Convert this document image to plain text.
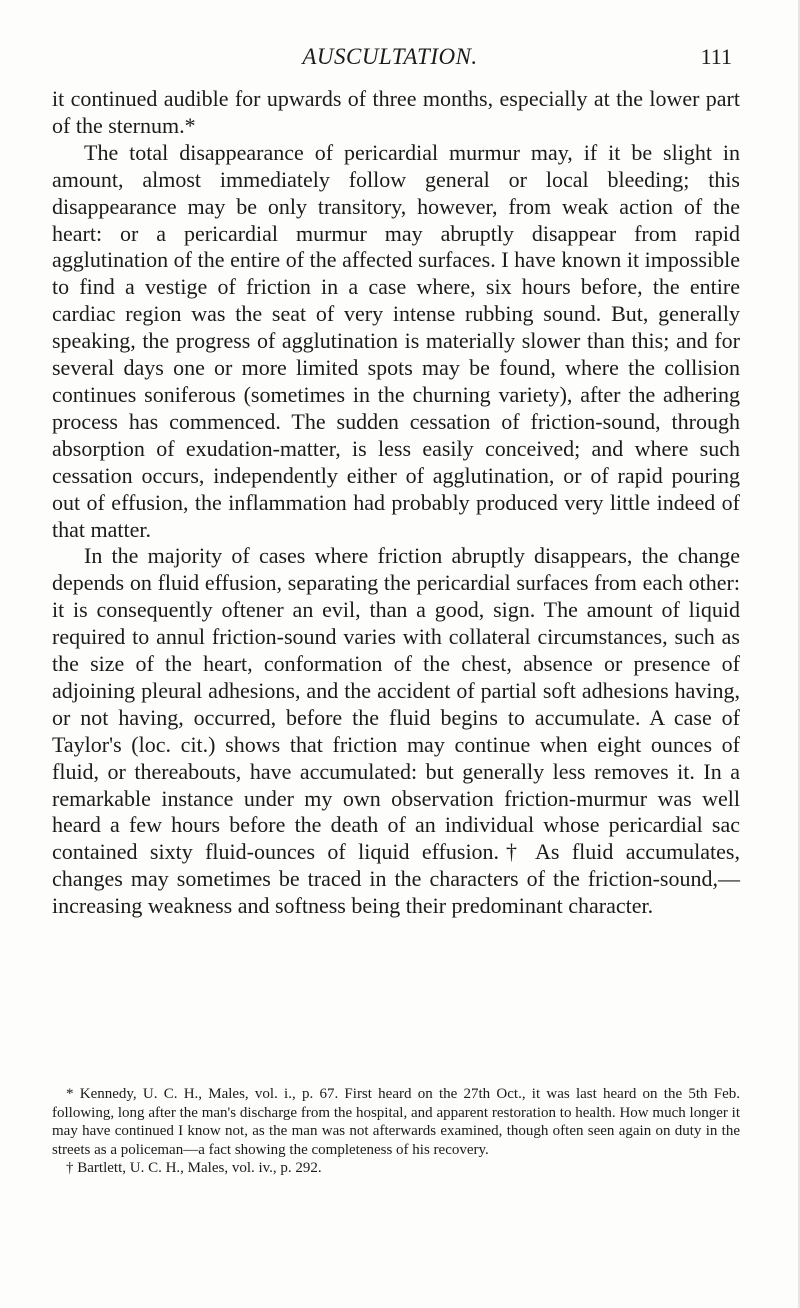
AUSCULTATION.	111

it continued audible for upwards of three months, especially at the lower part of the sternum.*

The total disappearance of pericardial murmur may, if it be slight in amount, almost immediately follow general or local bleeding; this disappearance may be only transitory, however, from weak action of the heart: or a pericardial murmur may abruptly disappear from rapid agglutination of the entire of the affected surfaces. I have known it impossible to find a vestige of friction in a case where, six hours before, the entire cardiac region was the seat of very intense rubbing sound. But, generally speaking, the progress of agglutination is materially slower than this; and for several days one or more limited spots may be found, where the collision continues soniferous (sometimes in the churning variety), after the adhering process has commenced. The sudden cessation of friction-sound, through absorption of exudation-matter, is less easily conceived; and where such cessation occurs, independently either of agglutination, or of rapid pouring out of effusion, the inflammation had probably produced very little indeed of that matter.

In the majority of cases where friction abruptly disappears, the change depends on fluid effusion, separating the pericardial surfaces from each other: it is consequently oftener an evil, than a good, sign. The amount of liquid required to annul friction-sound varies with collateral circumstances, such as the size of the heart, conformation of the chest, absence or presence of adjoining pleural adhesions, and the accident of partial soft adhesions having, or not having, occurred, before the fluid begins to accumulate. A case of Taylor's (loc. cit.) shows that friction may continue when eight ounces of fluid, or thereabouts, have accumulated: but generally less removes it. In a remarkable instance under my own observation friction-murmur was well heard a few hours before the death of an individual whose pericardial sac contained sixty fluid-ounces of liquid effusion.† As fluid accumulates, changes may sometimes be traced in the characters of the friction-sound,—increasing weakness and softness being their predominant character.

* Kennedy, U. C. H., Males, vol. i., p. 67. First heard on the 27th Oct., it was last heard on the 5th Feb. following, long after the man's discharge from the hospital, and apparent restoration to health. How much longer it may have continued I know not, as the man was not afterwards examined, though often seen again on duty in the streets as a policeman—a fact showing the completeness of his recovery.

† Bartlett, U. C. H., Males, vol. iv., p. 292.
